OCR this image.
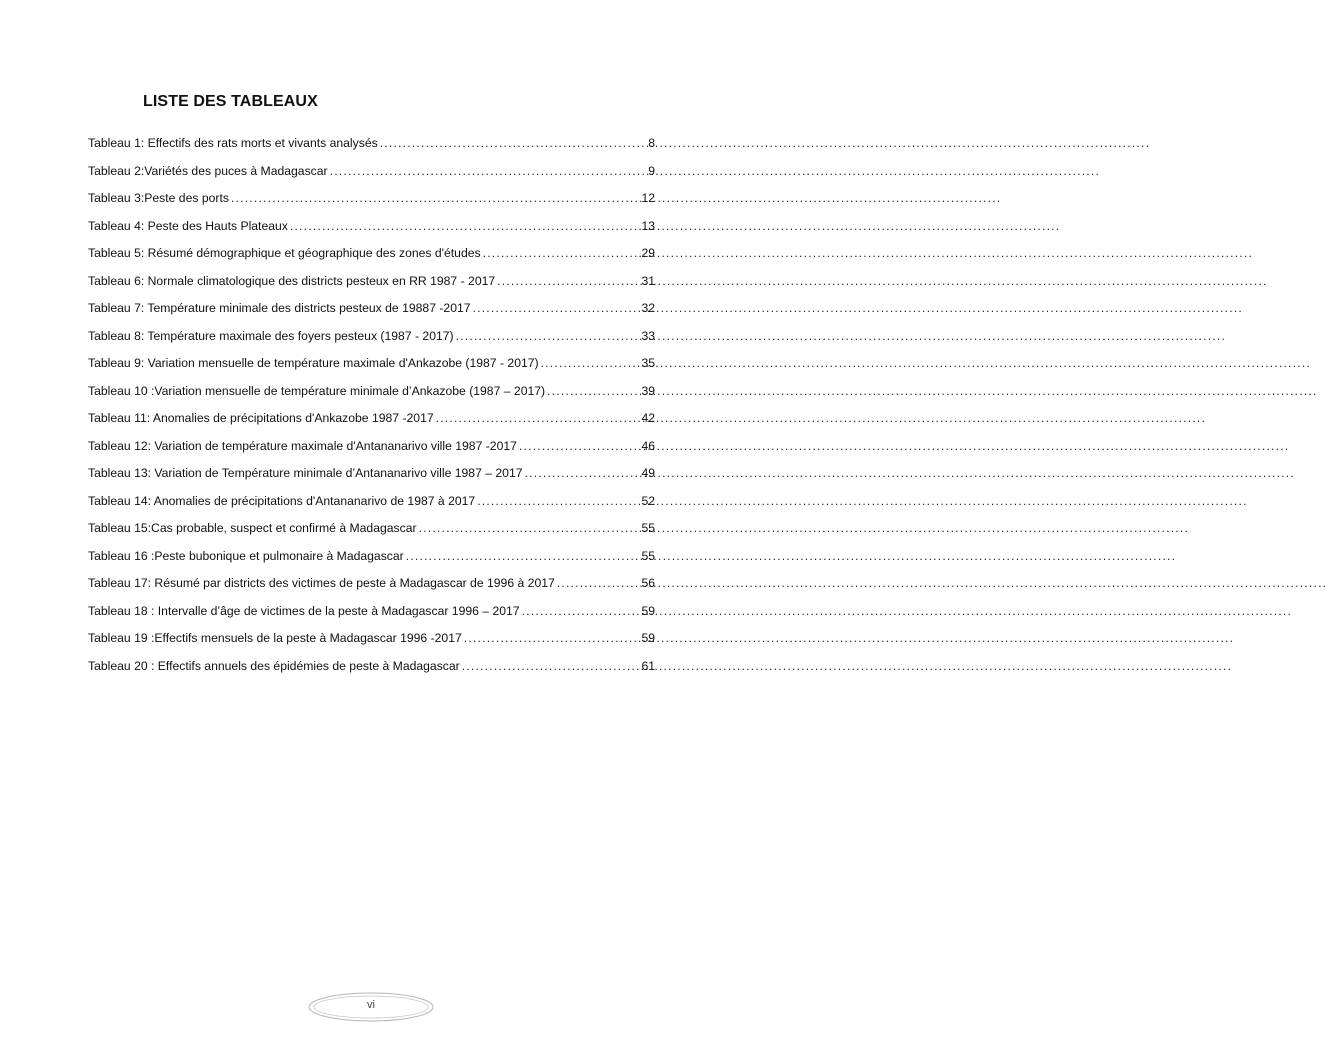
LISTE DES TABLEAUX
Tableau 1: Effectifs des rats morts et vivants analysés .....	8
Tableau 2:Variétés des puces à Madagascar .....	9
Tableau 3:Peste des ports .....	12
Tableau 4: Peste des Hauts Plateaux .....	13
Tableau 5: Résumé démographique et géographique des zones d'études .....	29
Tableau 6: Normale climatologique des districts pesteux en RR 1987 - 2017 .....	31
Tableau 7: Température minimale des districts pesteux de 19887 -2017 .....	32
Tableau 8: Température maximale des foyers pesteux (1987 - 2017) .....	33
Tableau 9: Variation mensuelle de température maximale d'Ankazobe (1987 - 2017) .....	35
Tableau 10 :Variation mensuelle de température minimale d’Ankazobe (1987 – 2017) .....	39
Tableau 11: Anomalies de précipitations d'Ankazobe 1987 -2017 .....	42
Tableau 12: Variation de température maximale d'Antananarivo ville 1987 -2017 .....	46
Tableau 13: Variation de Température minimale d’Antananarivo ville 1987 – 2017 .....	49
Tableau 14: Anomalies de précipitations d'Antananarivo de 1987 à 2017 .....	52
Tableau 15:Cas probable, suspect et confirmé à Madagascar .....	55
Tableau 16 :Peste bubonique et pulmonaire à Madagascar .....	55
Tableau 17: Résumé par districts des victimes de peste à Madagascar de 1996 à 2017 .....	56
Tableau 18 : Intervalle d’âge de victimes de la peste à Madagascar 1996 – 2017 .....	59
Tableau 19 :Effectifs mensuels de la peste à Madagascar 1996 -2017 .....	59
Tableau 20 : Effectifs annuels des épidémies de peste à Madagascar .....	61
vi
